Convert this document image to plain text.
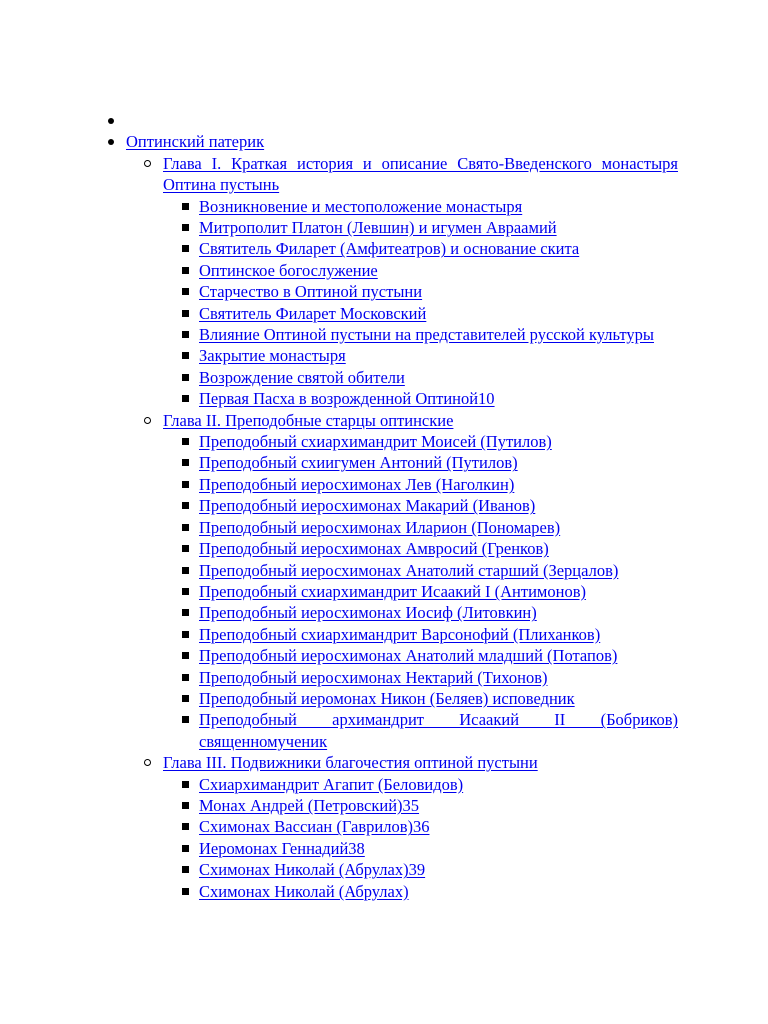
Оптинский патерик
Глава I. Краткая история и описание Свято-Введенского монастыря Оптина пустынь
Возникновение и местоположение монастыря
Митрополит Платон (Левшин) и игумен Авраамий
Святитель Филарет (Амфитеатров) и основание скита
Оптинское богослужение
Старчество в Оптиной пустыни
Святитель Филарет Московский
Влияние Оптиной пустыни на представителей русской культуры
Закрытие монастыря
Возрождение святой обители
Первая Пасха в возрожденной Оптиной10
Глава II. Преподобные старцы оптинские
Преподобный схиархимандрит Моисей (Путилов)
Преподобный схиигумен Антоний (Путилов)
Преподобный иеросхимонах Лев (Наголкин)
Преподобный иеросхимонах Макарий (Иванов)
Преподобный иеросхимонах Иларион (Пономарев)
Преподобный иеросхимонах Амвросий (Гренков)
Преподобный иеросхимонах Анатолий старший (Зерцалов)
Преподобный схиархимандрит Исаакий I (Антимонов)
Преподобный иеросхимонах Иосиф (Литовкин)
Преподобный схиархимандрит Варсонофий (Плиханков)
Преподобный иеросхимонах Анатолий младший (Потапов)
Преподобный иеросхимонах Нектарий (Тихонов)
Преподобный иеромонах Никон (Беляев) исповедник
Преподобный архимандрит Исаакий II (Бобриков) священномученик
Глава III. Подвижники благочестия оптиной пустыни
Схиархимандрит Агапит (Беловидов)
Монах Андрей (Петровский)35
Схимонах Вассиан (Гаврилов)36
Иеромонах Геннадий38
Схимонах Николай (Абрулах)39
Схимонах Николай (Абрулах)
